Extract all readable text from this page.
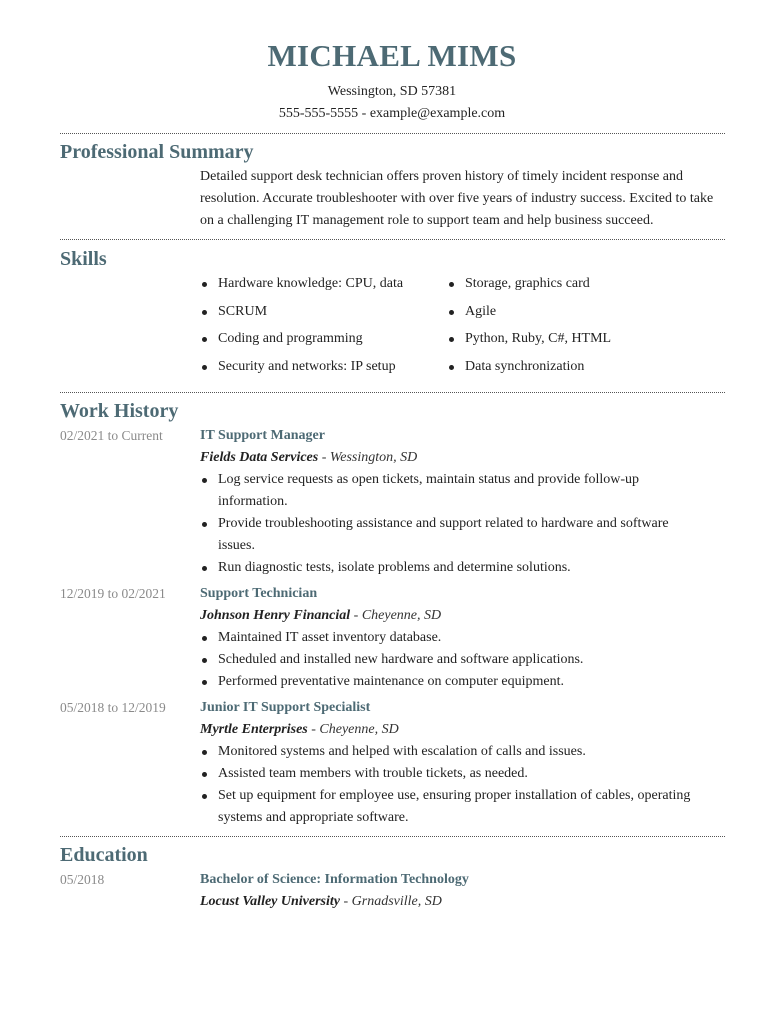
MICHAEL MIMS
Wessington, SD 57381
555-555-5555 - example@example.com
Professional Summary
Detailed support desk technician offers proven history of timely incident response and resolution. Accurate troubleshooter with over five years of industry success. Excited to take on a challenging IT management role to support team and help business succeed.
Skills
Hardware knowledge: CPU, data
SCRUM
Coding and programming
Security and networks: IP setup
Storage, graphics card
Agile
Python, Ruby, C#, HTML
Data synchronization
Work History
02/2021 to Current	IT Support Manager
Fields Data Services - Wessington, SD
Log service requests as open tickets, maintain status and provide follow-up information.
Provide troubleshooting assistance and support related to hardware and software issues.
Run diagnostic tests, isolate problems and determine solutions.
12/2019 to 02/2021 Support Technician
Johnson Henry Financial - Cheyenne, SD
Maintained IT asset inventory database.
Scheduled and installed new hardware and software applications.
Performed preventative maintenance on computer equipment.
05/2018 to 12/2019 Junior IT Support Specialist
Myrtle Enterprises - Cheyenne, SD
Monitored systems and helped with escalation of calls and issues.
Assisted team members with trouble tickets, as needed.
Set up equipment for employee use, ensuring proper installation of cables, operating systems and appropriate software.
Education
05/2018	Bachelor of Science: Information Technology
Locust Valley University - Grnadsville, SD
